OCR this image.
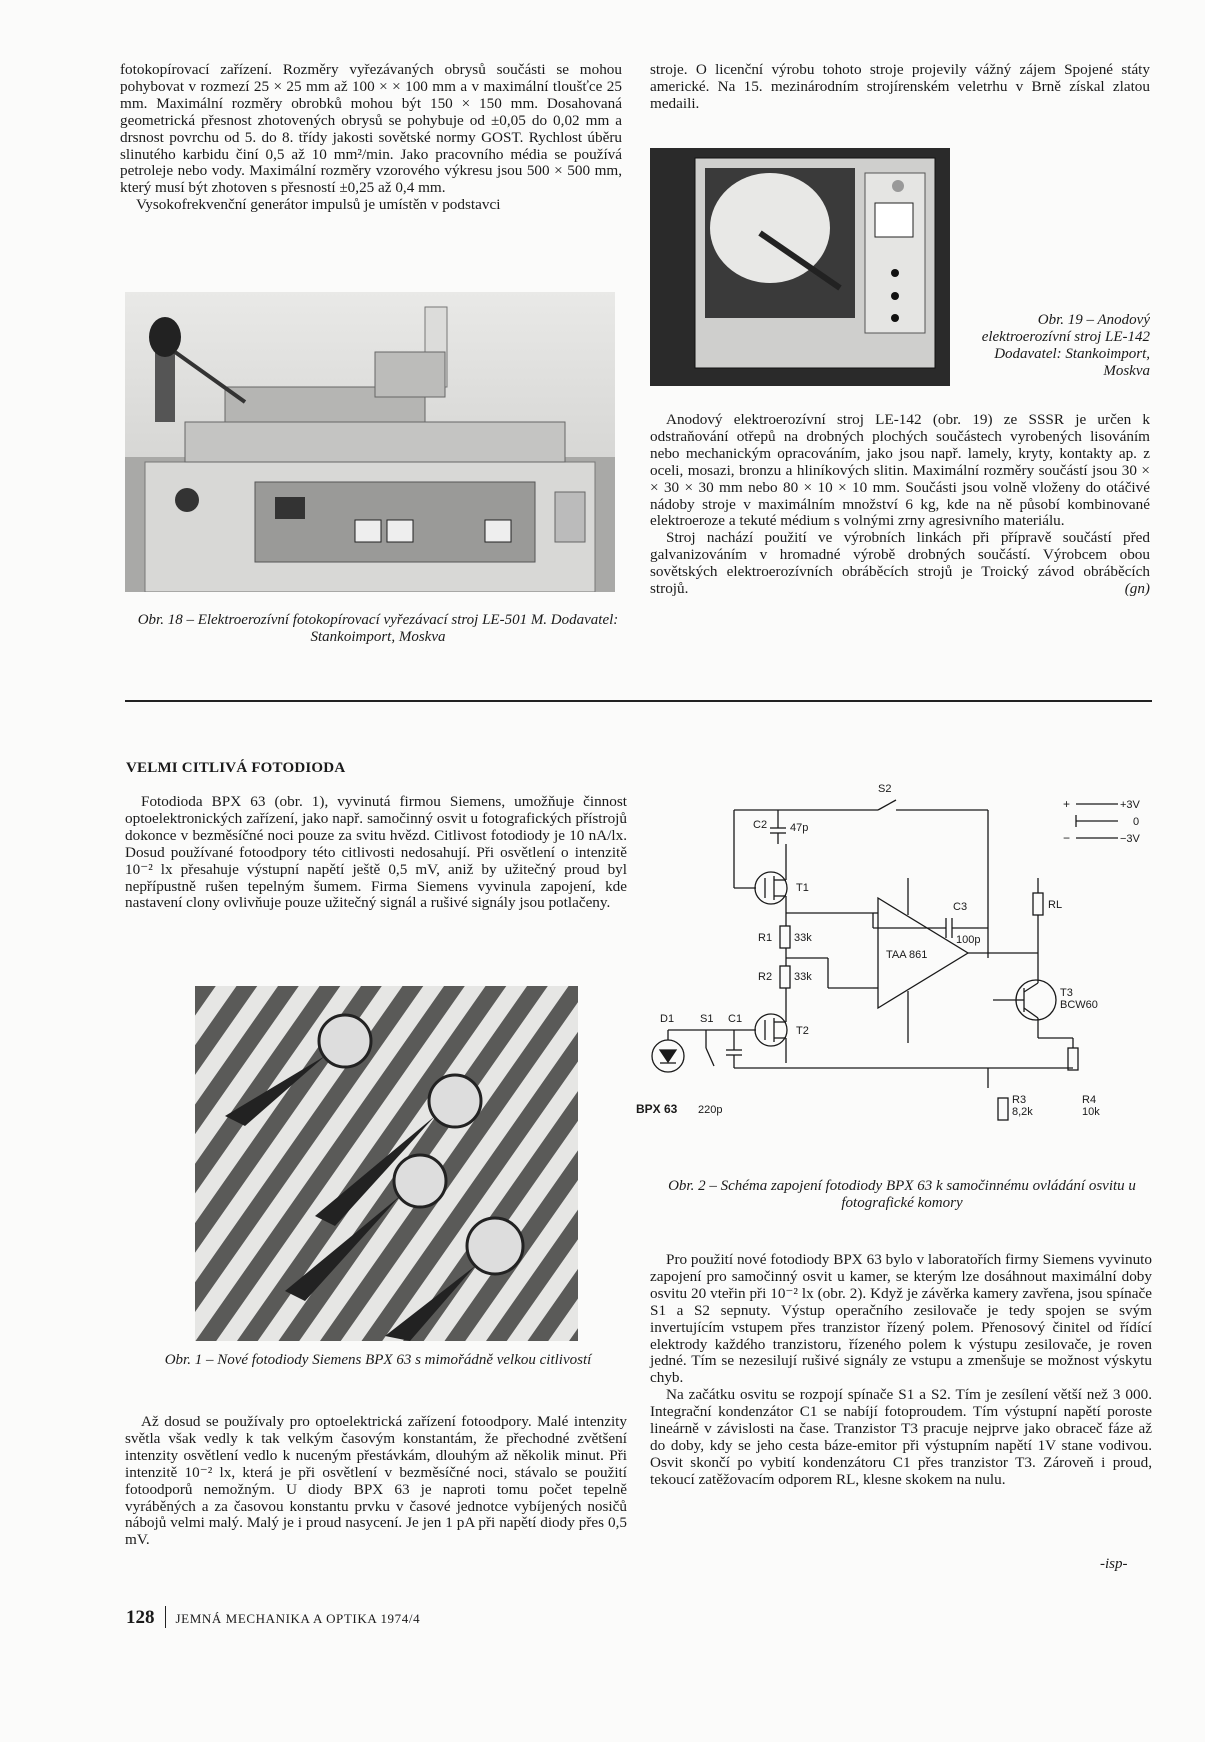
fotokopírovací zařízení. Rozměry vyřezávaných obrysů součásti se mohou pohybovat v rozmezí 25 × 25 mm až 100 × × 100 mm a v maximální tloušťce 25 mm. Maximální rozměry obrobků mohou být 150 × 150 mm. Dosahovaná geometrická přesnost zhotovených obrysů se pohybuje od ±0,05 do 0,02 mm a drsnost povrchu od 5. do 8. třídy jakosti sovětské normy GOST. Rychlost úběru slinutého karbidu činí 0,5 až 10 mm²/min. Jako pracovního média se používá petroleje nebo vody. Maximální rozměry vzorového výkresu jsou 500 × 500 mm, který musí být zhotoven s přesností ±0,25 až 0,4 mm.

Vysokofrekvenční generátor impulsů je umístěn v podstavci

Obr. 18 – Elektroerozívní fotokopírovací vyřezávací stroj LE-501 M. Dodavatel: Stankoimport, Moskva

stroje. O licenční výrobu tohoto stroje projevily vážný zájem Spojené státy americké. Na 15. mezinárodním strojírenském veletrhu v Brně získal zlatou medaili.

Obr. 19 – Anodový elektroerozívní stroj LE-142 Dodavatel: Stankoimport, Moskva

Anodový elektroerozívní stroj LE-142 (obr. 19) ze SSSR je určen k odstraňování otřepů na drobných plochých součástech vyrobených lisováním nebo mechanickým opracováním, jako jsou např. lamely, kryty, kontakty ap. z oceli, mosazi, bronzu a hliníkových slitin. Maximální rozměry součástí jsou 30 × × 30 × 30 mm nebo 80 × 10 × 10 mm. Součásti jsou volně vloženy do otáčivé nádoby stroje v maximálním množství 6 kg, kde na ně působí kombinované elektroeroze a tekuté médium s volnými zrny agresivního materiálu.

Stroj nachází použití ve výrobních linkách při přípravě součástí před galvanizováním v hromadné výrobě drobných součástí. Výrobcem obou sovětských elektroerozívních obráběcích strojů je Troický závod obráběcích strojů.	(gn)

VELMI CITLIVÁ FOTODIODA

Fotodioda BPX 63 (obr. 1), vyvinutá firmou Siemens, umožňuje činnost optoelektronických zařízení, jako např. samočinný osvit u fotografických přístrojů dokonce v bezměsíčné noci pouze za svitu hvězd. Citlivost fotodiody je 10 nA/lx. Dosud používané fotoodpory této citlivosti nedosahují. Při osvětlení o intenzitě 10⁻² lx přesahuje výstupní napětí ještě 0,5 mV, aniž by užitečný proud byl nepřípustně rušen tepelným šumem. Firma Siemens vyvinula zapojení, kde nastavení clony ovlivňuje pouze užitečný signál a rušivé signály jsou potlačeny.

Obr. 1 – Nové fotodiody Siemens BPX 63 s mimořádně velkou citlivostí

Až dosud se používaly pro optoelektrická zařízení fotoodpory. Malé intenzity světla však vedly k tak velkým časovým konstantám, že přechodné zvětšení intenzity osvětlení vedlo k nuceným přestávkám, dlouhým až několik minut. Při intenzitě 10⁻² lx, která je při osvětlení v bezměsíčné noci, stávalo se použití fotoodporů nemožným. U diody BPX 63 je naproti tomu počet tepelně vyráběných a za časovou konstantu prvku v časové jednotce vybíjených nosičů nábojů velmi malý. Malý je i proud nasycení. Je jen 1 pA při napětí diody přes 0,5 mV.

S2
C2 47p
T1
R1 33k
R2 33k
TAA 861
C3
100p
RL
T3
BCW60
R3
8,2k
R4
10k
T2
D1 S1 C1
BPX 63 220p
+	+3V
0
−	−3V
Obr. 2 – Schéma zapojení fotodiody BPX 63 k samočinnému ovládání osvitu u fotografické komory

Pro použití nové fotodiody BPX 63 bylo v laboratořích firmy Siemens vyvinuto zapojení pro samočinný osvit u kamer, se kterým lze dosáhnout maximální doby osvitu 20 vteřin při 10⁻² lx (obr. 2). Když je závěrka kamery zavřena, jsou spínače S1 a S2 sepnuty. Výstup operačního zesilovače je tedy spojen se svým invertujícím vstupem přes tranzistor řízený polem. Přenosový činitel od řídící elektrody každého tranzistoru, řízeného polem k výstupu zesilovače, je roven jedné. Tím se nezesilují rušivé signály ze vstupu a zmenšuje se možnost výskytu chyb.

Na začátku osvitu se rozpojí spínače S1 a S2. Tím je zesílení větší než 3 000. Integrační kondenzátor C1 se nabíjí fotoproudem. Tím výstupní napětí poroste lineárně v závislosti na čase. Tranzistor T3 pracuje nejprve jako obraceč fáze až do doby, kdy se jeho cesta báze-emitor při výstupním napětí 1V stane vodivou. Osvit skončí po vybití kondenzátoru C1 přes tranzistor T3. Zároveň i proud, tekoucí zatěžovacím odporem RL, klesne skokem na nulu.

-isp-
128 JEMNÁ MECHANIKA A OPTIKA 1974/4
